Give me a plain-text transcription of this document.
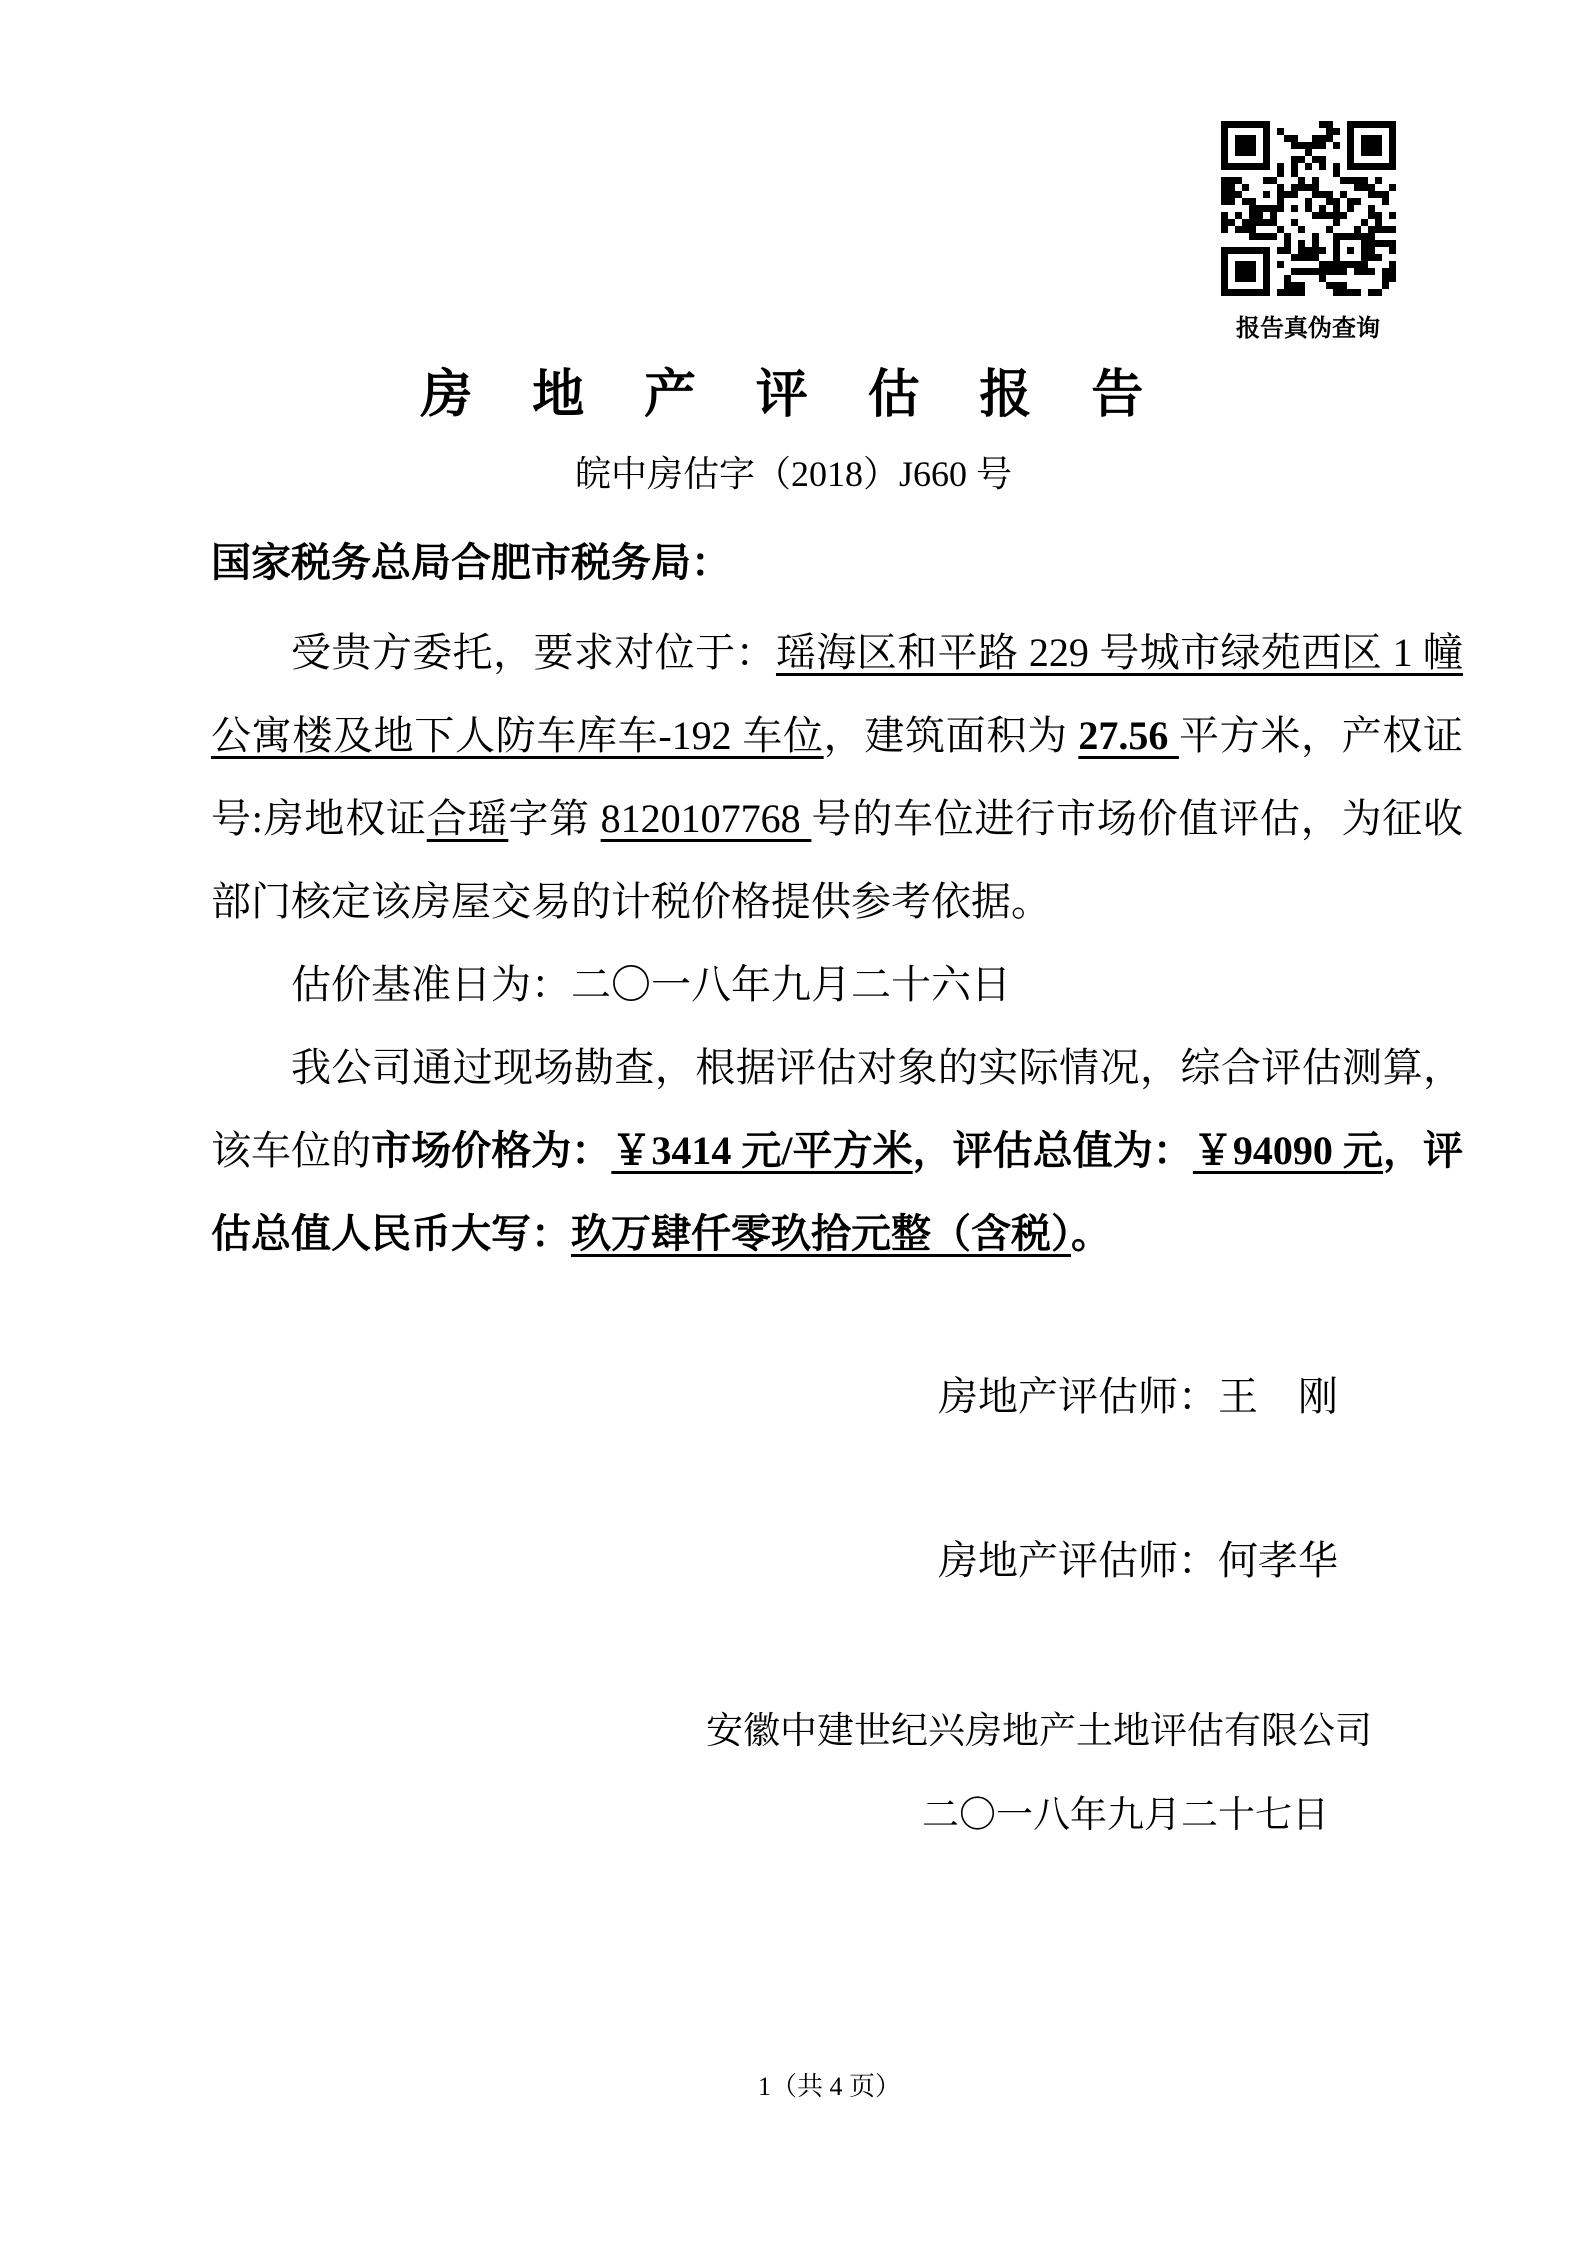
报告真伪查询
房 地 产 评 估 报 告
皖中房估字（2018）J660 号
国家税务总局合肥市税务局：

受贵方委托，要求对位于：瑶海区和平路 229 号城市绿苑西区 1 幢公寓楼及地下人防车库车-192 车位，建筑面积为 27.56 平方米，产权证号:房地权证合瑶字第 8120107768 号的车位进行市场价值评估，为征收部门核定该房屋交易的计税价格提供参考依据。

估价基准日为：二〇一八年九月二十六日

我公司通过现场勘查，根据评估对象的实际情况，综合评估测算，该车位的市场价格为：￥3414 元/平方米，评估总值为：￥94090 元，评估总值人民币大写：玖万肆仟零玖拾元整（含税）。

房地产评估师：王　刚
房地产评估师：何孝华
安徽中建世纪兴房地产土地评估有限公司
二〇一八年九月二十七日
1（共 4 页）
